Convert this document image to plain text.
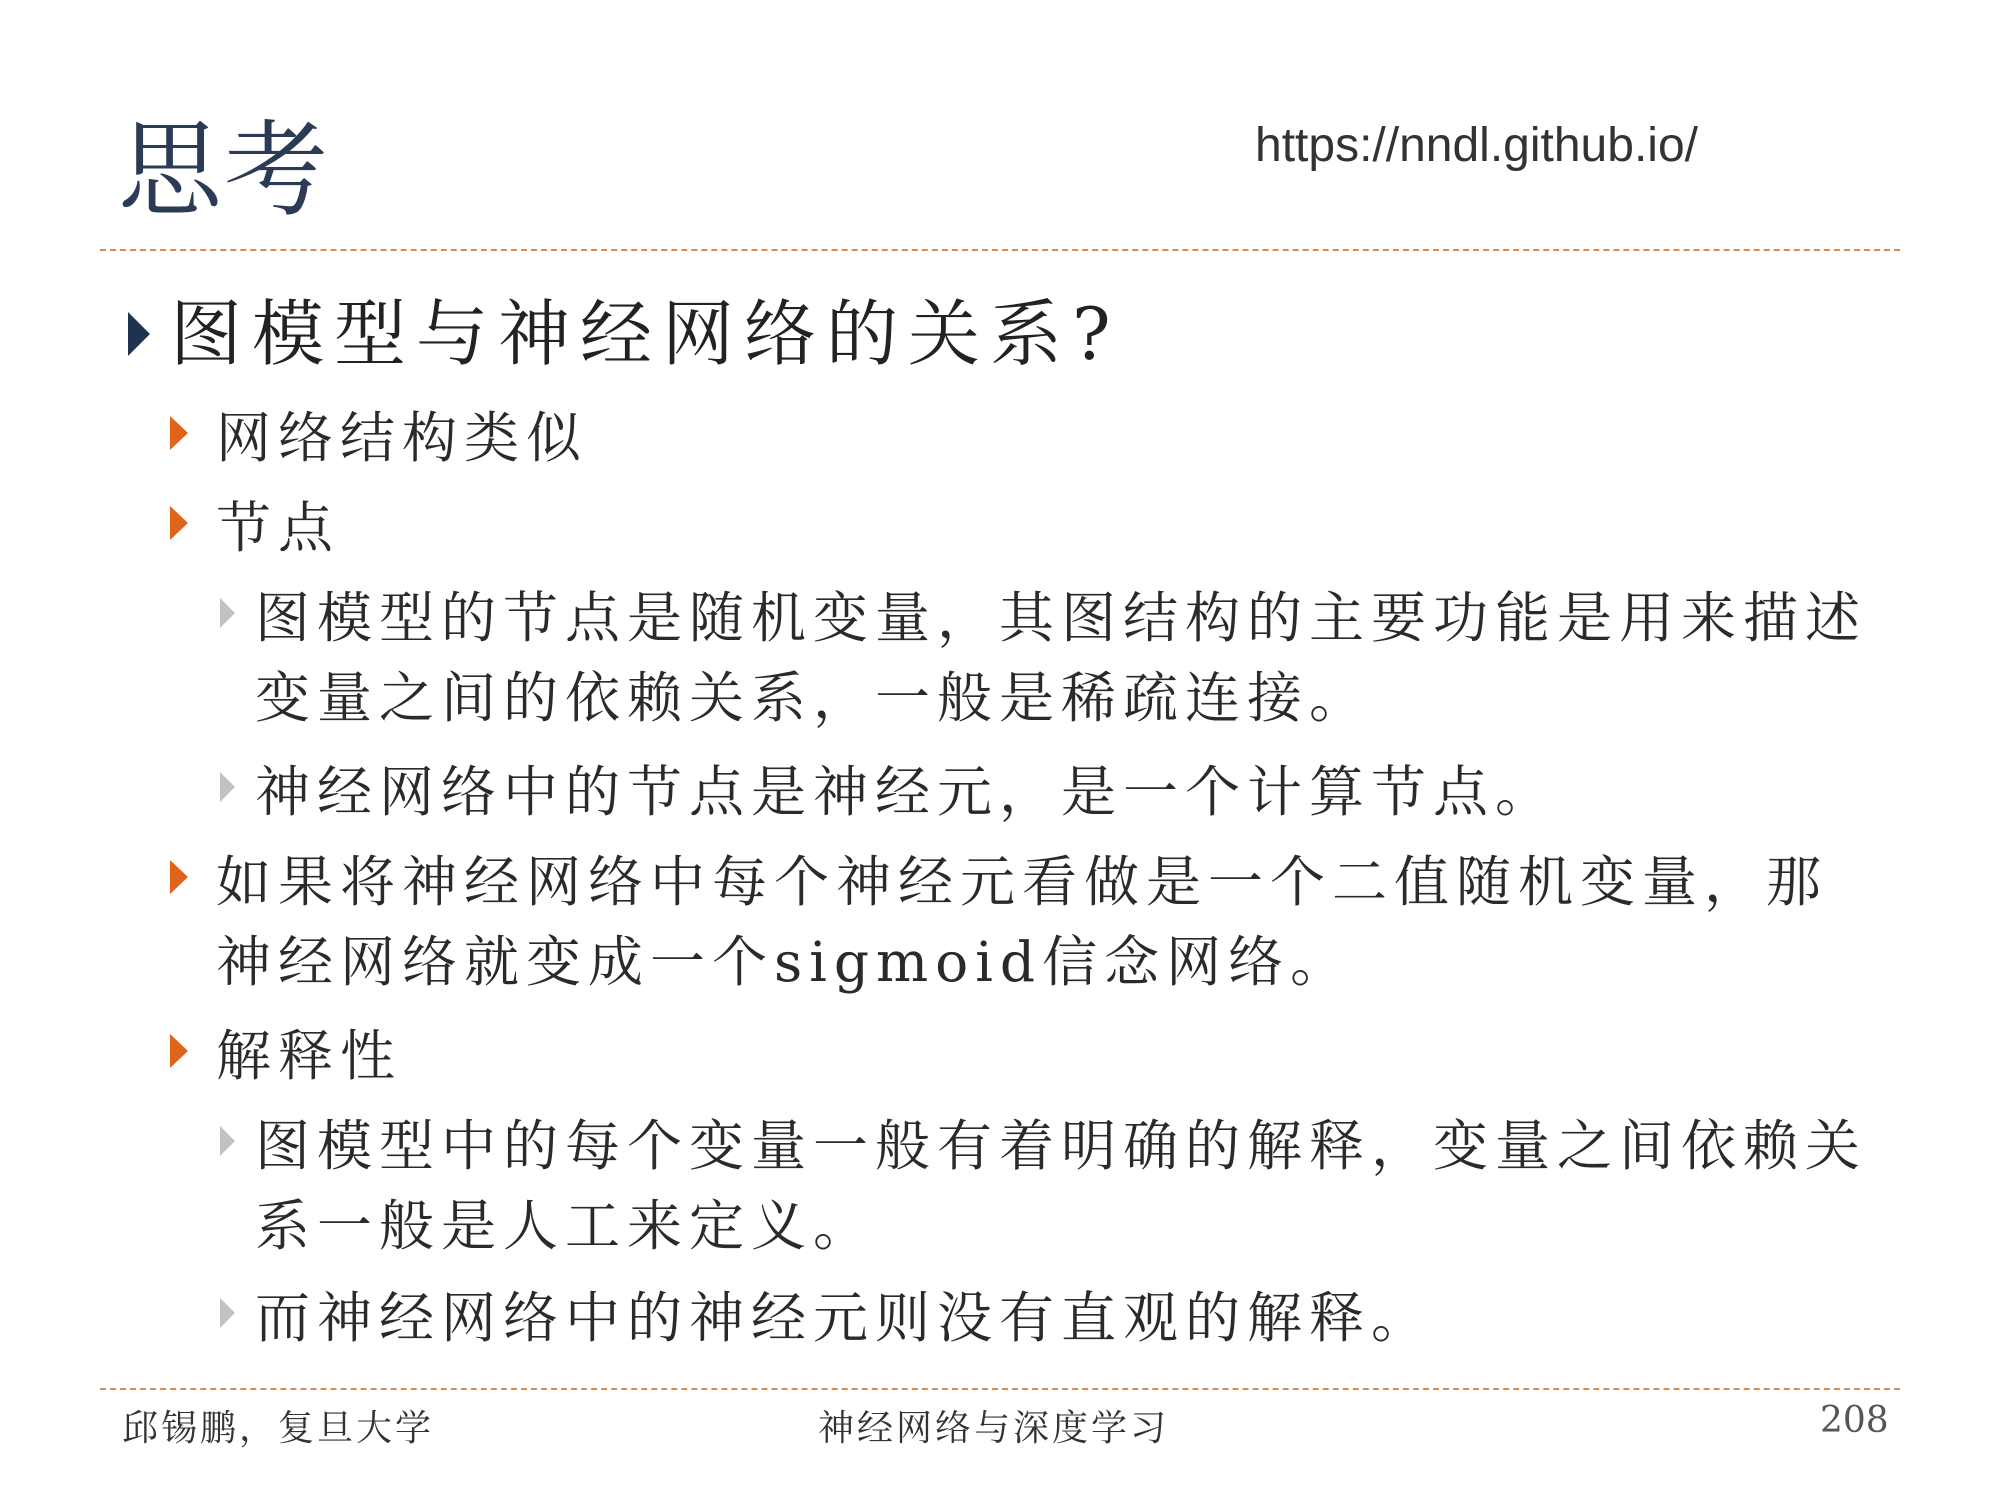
思考	https://nndl.github.io/
图模型与神经网络的关系?
网络结构类似
节点
图模型的节点是随机变量，其图结构的主要功能是用来描述变量之间的依赖关系，一般是稀疏连接。
神经网络中的节点是神经元，是一个计算节点。
如果将神经网络中每个神经元看做是一个二值随机变量，那神经网络就变成一个sigmoid信念网络。
解释性
图模型中的每个变量一般有着明确的解释，变量之间依赖关系一般是人工来定义。
而神经网络中的神经元则没有直观的解释。
邱锡鹏，复旦大学	神经网络与深度学习	208
